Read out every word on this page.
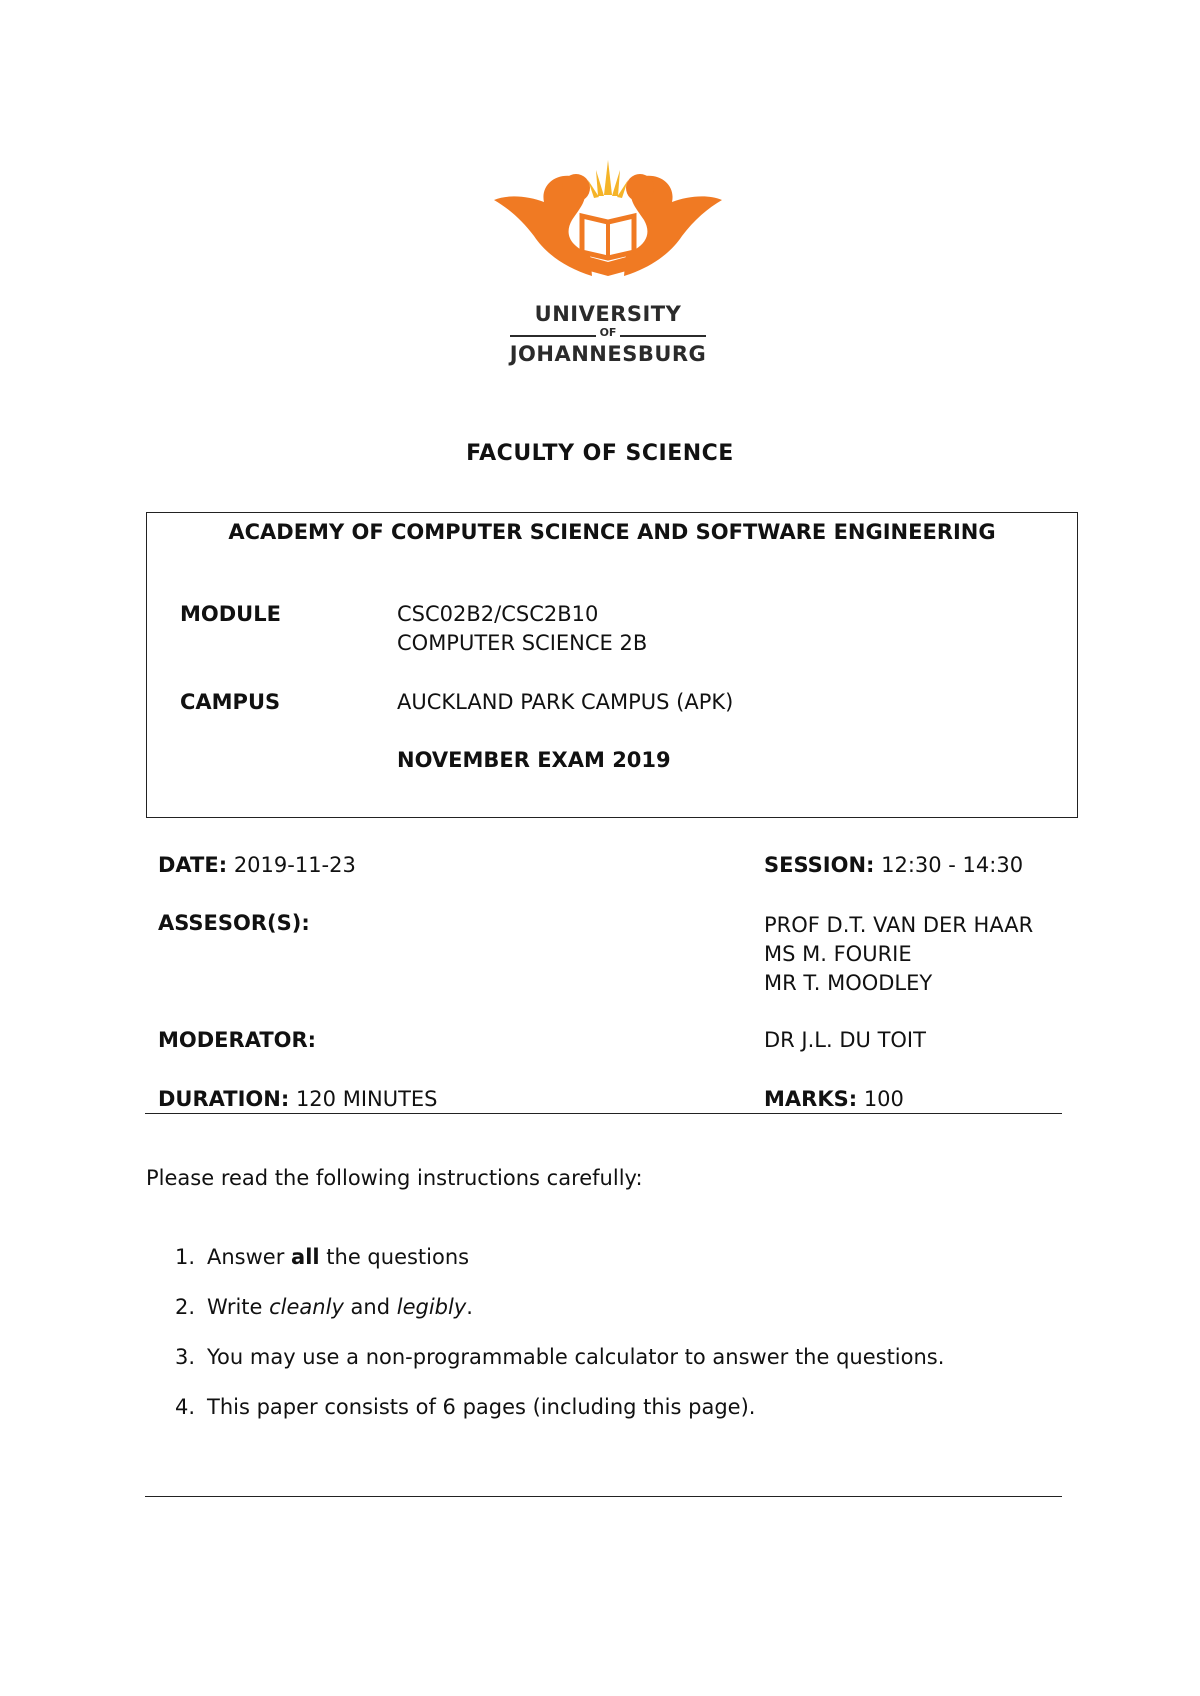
UNIVERSITY
OF
JOHANNESBURG
FACULTY OF SCIENCE
ACADEMY OF COMPUTER SCIENCE AND SOFTWARE ENGINEERING
MODULE	CSC02B2/CSC2B10
COMPUTER SCIENCE 2B
CAMPUS	AUCKLAND PARK CAMPUS (APK)
NOVEMBER EXAM 2019
DATE: 2019-11-23	SESSION: 12:30 - 14:30
ASSESOR(S):	PROF D.T. VAN DER HAAR
MS M. FOURIE
MR T. MOODLEY
MODERATOR:	DR J.L. DU TOIT
DURATION: 120 MINUTES	MARKS: 100
Please read the following instructions carefully:
1. Answer all the questions
2. Write cleanly and legibly.
3. You may use a non-programmable calculator to answer the questions.
4. This paper consists of 6 pages (including this page).
